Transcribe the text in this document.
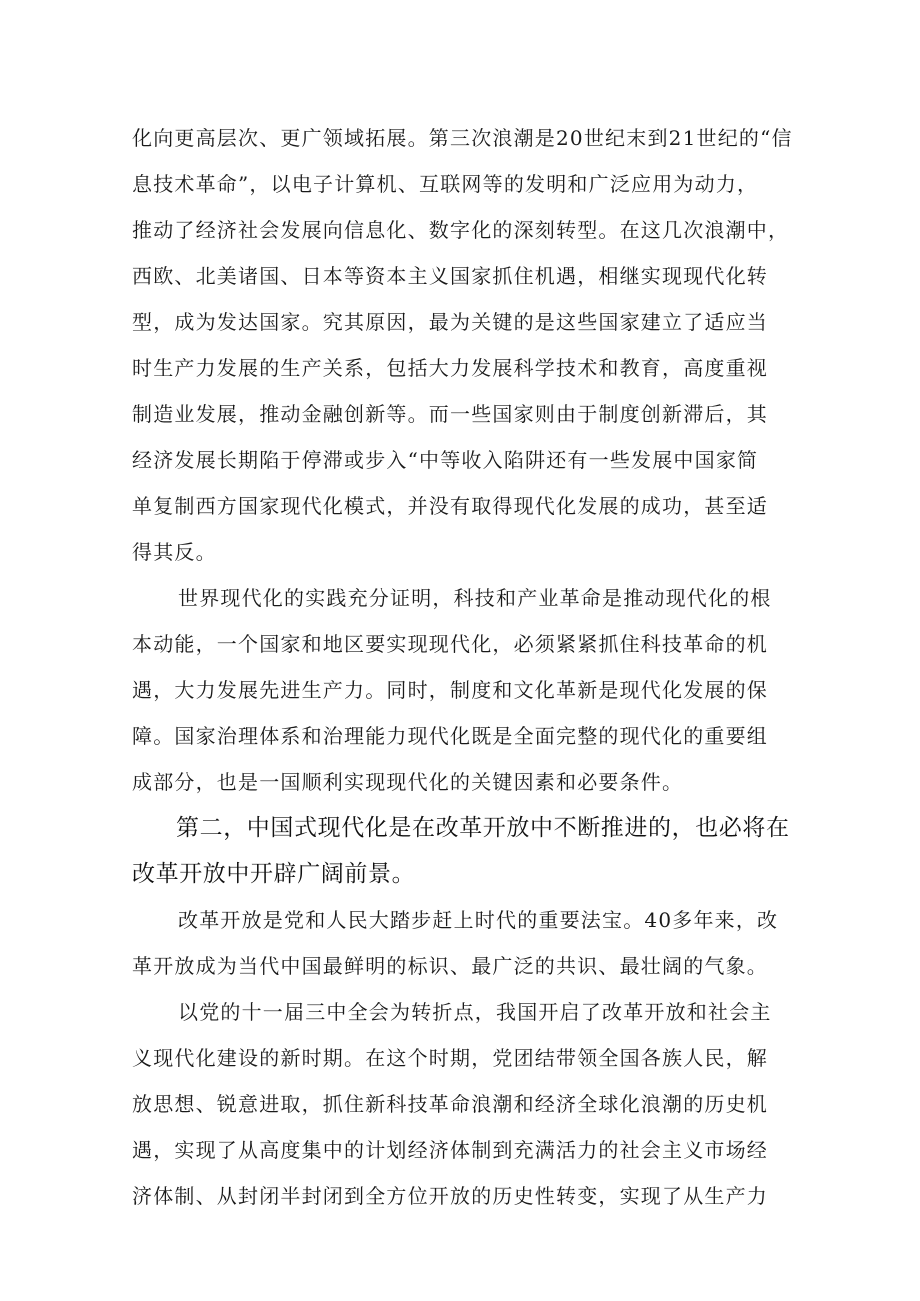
化向更高层次、更广领域拓展。第三次浪潮是20世纪末到21世纪的“信
息技术革命”，以电子计算机、互联网等的发明和广泛应用为动力，
推动了经济社会发展向信息化、数字化的深刻转型。在这几次浪潮中，
西欧、北美诸国、日本等资本主义国家抓住机遇，相继实现现代化转
型，成为发达国家。究其原因，最为关键的是这些国家建立了适应当
时生产力发展的生产关系，包括大力发展科学技术和教育，高度重视
制造业发展，推动金融创新等。而一些国家则由于制度创新滞后，其
经济发展长期陷于停滞或步入“中等收入陷阱还有一些发展中国家简
单复制西方国家现代化模式，并没有取得现代化发展的成功，甚至适
得其反。
世界现代化的实践充分证明，科技和产业革命是推动现代化的根
本动能，一个国家和地区要实现现代化，必须紧紧抓住科技革命的机
遇，大力发展先进生产力。同时，制度和文化革新是现代化发展的保
障。国家治理体系和治理能力现代化既是全面完整的现代化的重要组
成部分，也是一国顺利实现现代化的关键因素和必要条件。
第二，中国式现代化是在改革开放中不断推进的，也必将在
改革开放中开辟广阔前景。
改革开放是党和人民大踏步赶上时代的重要法宝。40多年来，改
革开放成为当代中国最鲜明的标识、最广泛的共识、最壮阔的气象。
以党的十一届三中全会为转折点，我国开启了改革开放和社会主
义现代化建设的新时期。在这个时期，党团结带领全国各族人民，解
放思想、锐意进取，抓住新科技革命浪潮和经济全球化浪潮的历史机
遇，实现了从高度集中的计划经济体制到充满活力的社会主义市场经
济体制、从封闭半封闭到全方位开放的历史性转变，实现了从生产力
